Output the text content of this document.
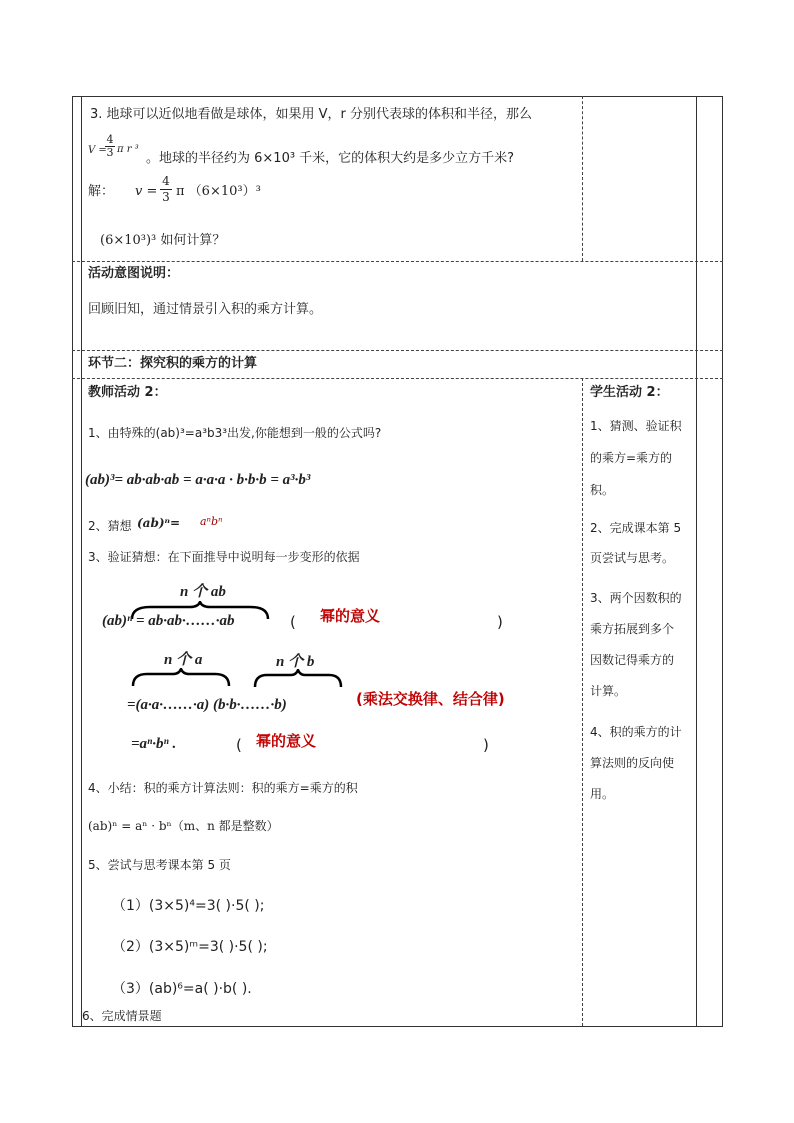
3. 地球可以近似地看做是球体，如果用 V，r 分别代表球的体积和半径，那么
V =
$\frac{4}{3}$ π r ³
。地球的半径约为 6×10³ 千米，它的体积大约是多少立方千米?
解： $v = \frac{4}{3}$ π （6×10³）³
(6×10³)³ 如何计算？
活动意图说明：
回顾旧知，通过情景引入积的乘方计算。
环节二：探究积的乘方的计算
教师活动 2：
1、由特殊的(ab)³=a³b3³出发,你能想到一般的公式吗?
(ab)³= ab·ab·ab = a·a·a · b·b·b = a³·b³
2、猜想 (ab)ⁿ= aⁿbⁿ
3、验证猜想：在下面推导中说明每一步变形的依据
n 个 ab
(ab)ⁿ = ab·ab·……·ab	( 幂的意义	)
n 个 a	n 个 b
=(a·a·……·a) (b·b·……·b)	(乘法交换律、结合律)
=aⁿ·bⁿ .	( 幂的意义	)
4、小结：积的乘方计算法则：积的乘方=乘方的积
(ab)ⁿ = aⁿ · bⁿ（m、n 都是整数）
5、尝试与思考课本第 5 页
（1）(3×5)⁴=3( )·5( );
（2）(3×5)ᵐ=3( )·5( );
（3）(ab)⁶=a( )·b( ).
6、完成情景题
学生活动 2：
1、猜测、验证积
的乘方=乘方的
积。
2、完成课本第 5
页尝试与思考。
3、两个因数积的
乘方拓展到多个
因数记得乘方的
计算。
4、积的乘方的计
算法则的反向使
用。
